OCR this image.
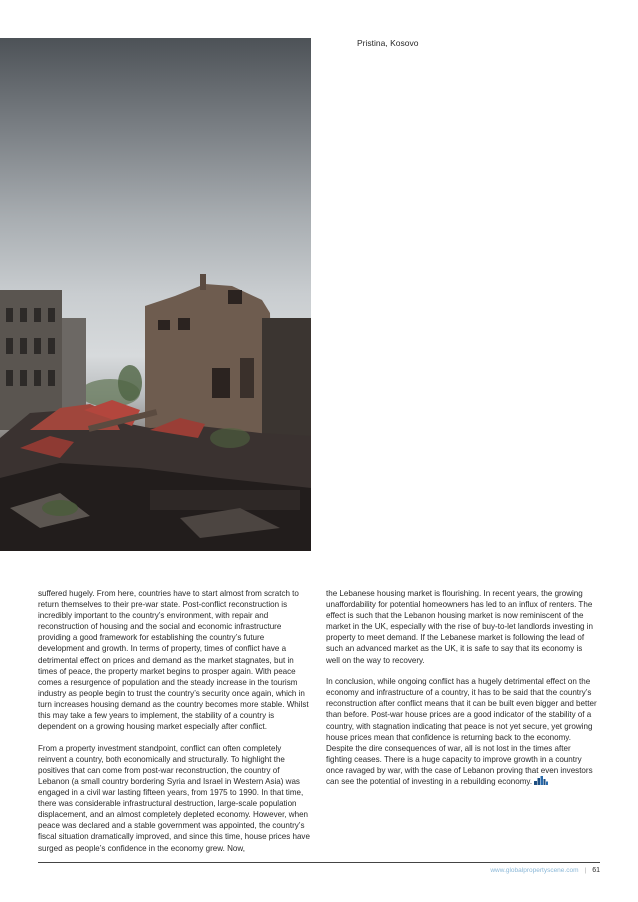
Pristina, Kosovo

suffered hugely. From here, countries have to start almost from scratch to return themselves to their pre-war state. Post-conflict reconstruction is incredibly important to the country’s environment, with repair and reconstruction of housing and the social and economic infrastructure providing a good framework for establishing the country’s future development and growth. In terms of property, times of conflict have a detrimental effect on prices and demand as the market stagnates, but in times of peace, the property market begins to prosper again. With peace comes a resurgence of population and the steady increase in the tourism industry as people begin to trust the country’s security once again, which in turn increases housing demand as the country becomes more stable. Whilst this may take a few years to implement, the stability of a country is dependent on a growing housing market especially after conflict.

From a property investment standpoint, conflict can often completely reinvent a country, both economically and structurally. To highlight the positives that can come from post-war reconstruction, the country of Lebanon (a small country bordering Syria and Israel in Western Asia) was engaged in a civil war lasting fifteen years, from 1975 to 1990. In that time, there was considerable infrastructural destruction, large-scale population displacement, and an almost completely depleted economy. However, when peace was declared and a stable government was appointed, the country’s fiscal situation dramatically improved, and since this time, house prices have surged as people’s confidence in the economy grew. Now,

the Lebanese housing market is flourishing. In recent years, the growing unaffordability for potential homeowners has led to an influx of renters. The effect is such that the Lebanon housing market is now reminiscent of the market in the UK, especially with the rise of buy-to-let landlords investing in property to meet demand. If the Lebanese market is following the lead of such an advanced market as the UK, it is safe to say that its economy is well on the way to recovery.

In conclusion, while ongoing conflict has a hugely detrimental effect on the economy and infrastructure of a country, it has to be said that the country’s reconstruction after conflict means that it can be built even bigger and better than before. Post-war house prices are a good indicator of the stability of a country, with stagnation indicating that peace is not yet secure, yet growing house prices mean that confidence is returning back to the economy. Despite the dire consequences of war, all is not lost in the times after fighting ceases. There is a huge capacity to improve growth in a country once ravaged by war, with the case of Lebanon proving that even investors can see the potential of investing in a rebuilding economy.

www.globalpropertyscene.com | 61
